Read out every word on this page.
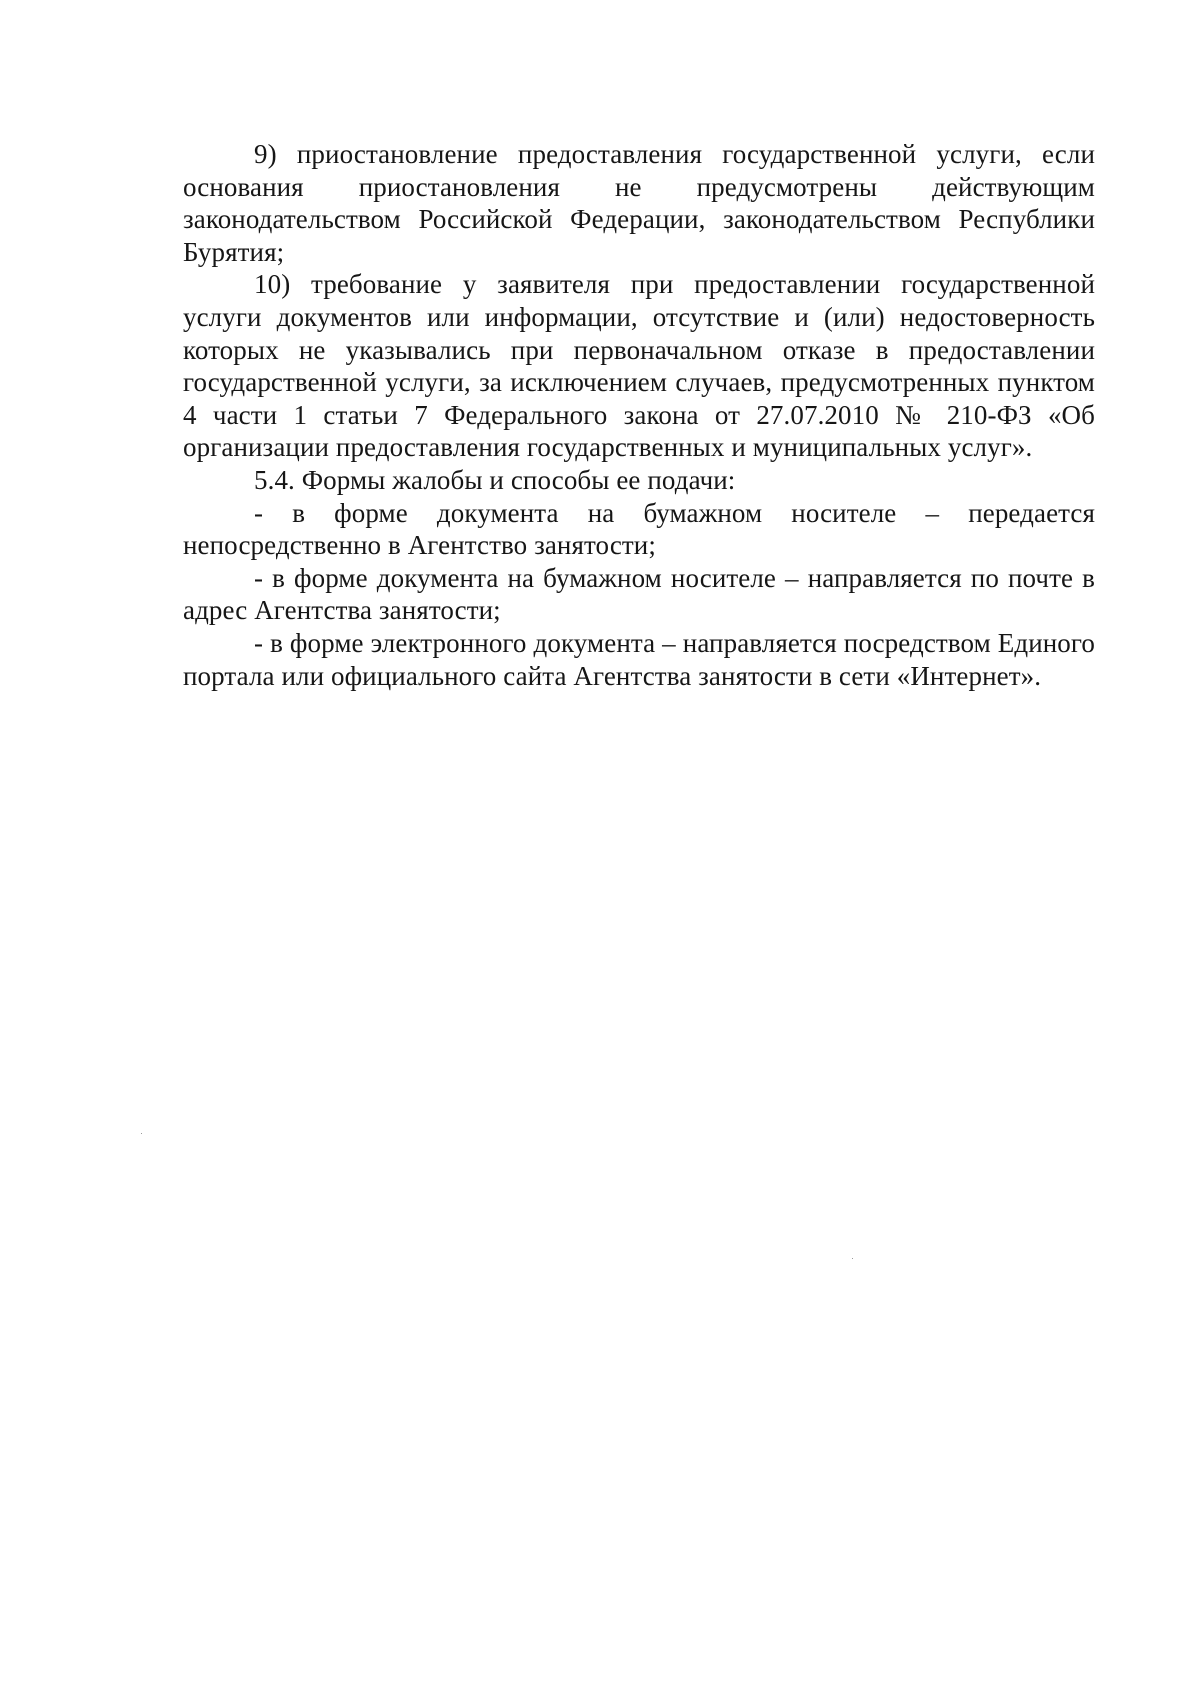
9) приостановление предоставления государственной услуги, если основания приостановления не предусмотрены действующим законодательством Российской Федерации, законодательством Республики Бурятия;

10) требование у заявителя при предоставлении государственной услуги документов или информации, отсутствие и (или) недостоверность которых не указывались при первоначальном отказе в предоставлении государственной услуги, за исключением случаев, предусмотренных пунктом 4 части 1 статьи 7 Федерального закона от 27.07.2010 № 210-ФЗ «Об организации предоставления государственных и муниципальных услуг».

5.4. Формы жалобы и способы ее подачи:

- в форме документа на бумажном носителе – передается непосредственно в Агентство занятости;

- в форме документа на бумажном носителе – направляется по почте в адрес Агентства занятости;

- в форме электронного документа – направляется посредством Единого портала или официального сайта Агентства занятости в сети «Интернет».
